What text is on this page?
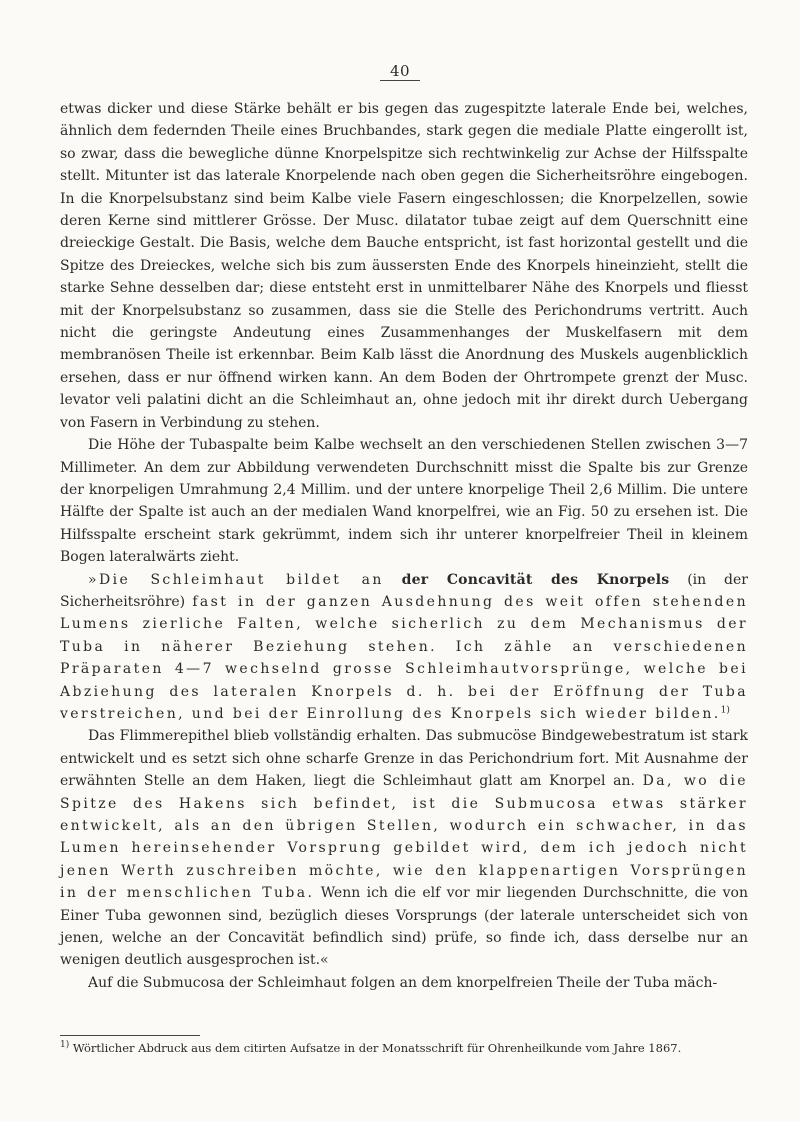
40

etwas dicker und diese Stärke behält er bis gegen das zugespitzte laterale Ende bei, welches, ähnlich dem federnden Theile eines Bruchbandes, stark gegen die mediale Platte eingerollt ist, so zwar, dass die bewegliche dünne Knorpelspitze sich rechtwinkelig zur Achse der Hilfsspalte stellt. Mitunter ist das laterale Knorpelende nach oben gegen die Sicherheitsröhre eingebogen. In die Knorpelsubstanz sind beim Kalbe viele Fasern eingeschlossen; die Knorpelzellen, sowie deren Kerne sind mittlerer Grösse. Der Musc. dilatator tubae zeigt auf dem Querschnitt eine dreieckige Gestalt. Die Basis, welche dem Bauche entspricht, ist fast horizontal gestellt und die Spitze des Dreieckes, welche sich bis zum äussersten Ende des Knorpels hineinzieht, stellt die starke Sehne desselben dar; diese entsteht erst in unmittelbarer Nähe des Knorpels und fliesst mit der Knorpelsubstanz so zusammen, dass sie die Stelle des Perichondrums vertritt. Auch nicht die geringste Andeutung eines Zusammenhanges der Muskelfasern mit dem membranösen Theile ist erkennbar. Beim Kalb lässt die Anordnung des Muskels augenblicklich ersehen, dass er nur öffnend wirken kann. An dem Boden der Ohrtrompete grenzt der Musc. levator veli palatini dicht an die Schleimhaut an, ohne jedoch mit ihr direkt durch Uebergang von Fasern in Verbindung zu stehen.

Die Höhe der Tubaspalte beim Kalbe wechselt an den verschiedenen Stellen zwischen 3—7 Millimeter. An dem zur Abbildung verwendeten Durchschnitt misst die Spalte bis zur Grenze der knorpeligen Umrahmung 2,4 Millim. und der untere knorpelige Theil 2,6 Millim. Die untere Hälfte der Spalte ist auch an der medialen Wand knorpelfrei, wie an Fig. 50 zu ersehen ist. Die Hilfsspalte erscheint stark gekrümmt, indem sich ihr unterer knorpelfreier Theil in kleinem Bogen lateralwärts zieht.

»Die Schleimhaut bildet an der Concavität des Knorpels (in der Sicherheitsröhre) fast in der ganzen Ausdehnung des weit offen stehenden Lumens zierliche Falten, welche sicherlich zu dem Mechanismus der Tuba in näherer Beziehung stehen. Ich zähle an verschiedenen Präparaten 4—7 wechselnd grosse Schleimhautvorsprünge, welche bei Abziehung des lateralen Knorpels d. h. bei der Eröffnung der Tuba verstreichen, und bei der Einrollung des Knorpels sich wieder bilden.$^{1)}$

Das Flimmerepithel blieb vollständig erhalten. Das submucöse Bindgewebestratum ist stark entwickelt und es setzt sich ohne scharfe Grenze in das Perichondrium fort. Mit Ausnahme der erwähnten Stelle an dem Haken, liegt die Schleimhaut glatt am Knorpel an. Da, wo die Spitze des Hakens sich befindet, ist die Submucosa etwas stärker entwickelt, als an den übrigen Stellen, wodurch ein schwacher, in das Lumen hereinsehender Vorsprung gebildet wird, dem ich jedoch nicht jenen Werth zuschreiben möchte, wie den klappenartigen Vorsprüngen in der menschlichen Tuba. Wenn ich die elf vor mir liegenden Durchschnitte, die von Einer Tuba gewonnen sind, bezüglich dieses Vorsprungs (der laterale unterscheidet sich von jenen, welche an der Concavität befindlich sind) prüfe, so finde ich, dass derselbe nur an wenigen deutlich ausgesprochen ist.«

Auf die Submucosa der Schleimhaut folgen an dem knorpelfreien Theile der Tuba mäch-

$^{1)}$ Wörtlicher Abdruck aus dem citirten Aufsatze in der Monatsschrift für Ohrenheilkunde vom Jahre 1867.
